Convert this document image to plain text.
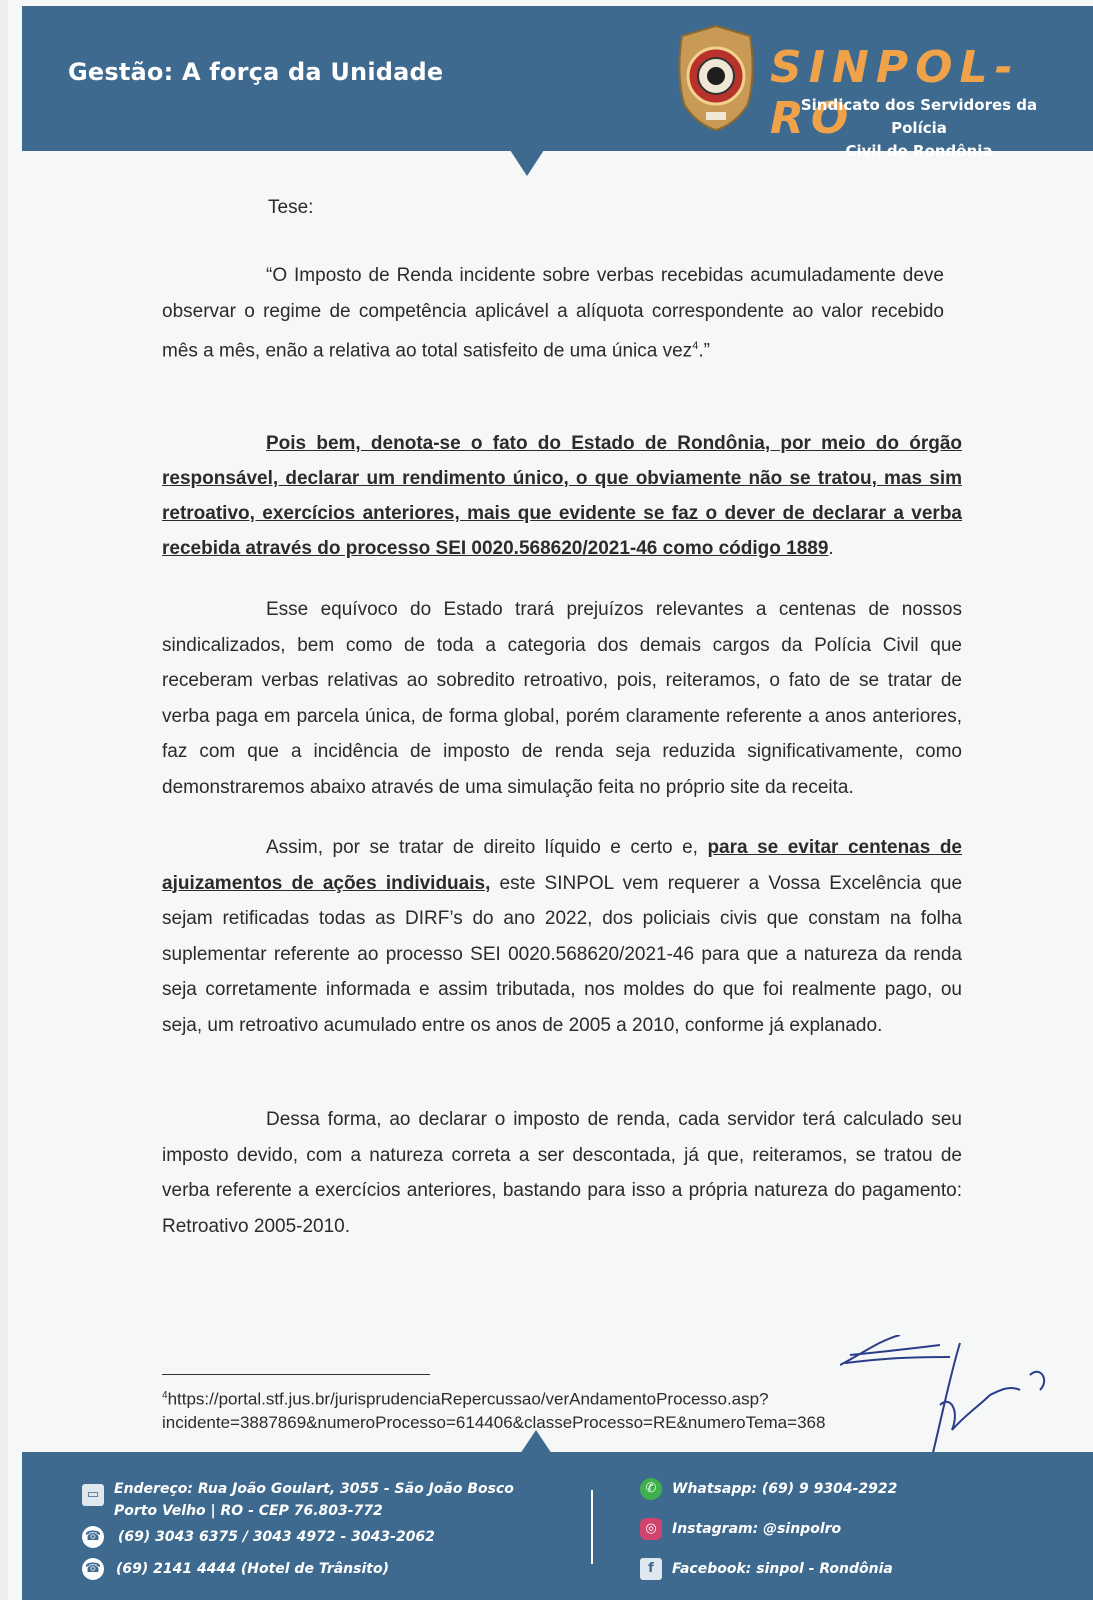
Gestão: A força da Unidade	SINPOL-RO
Sindicato dos Servidores da Polícia
Civil de Rondônia
Tese:
“O Imposto de Renda incidente sobre verbas recebidas acumuladamente deve observar o regime de competência aplicável a alíquota correspondente ao valor recebido mês a mês, enão a relativa ao total satisfeito de uma única vez$^4$.”
Pois bem, denota-se o fato do Estado de Rondônia, por meio do órgão responsável, declarar um rendimento único, o que obviamente não se tratou, mas sim retroativo, exercícios anteriores, mais que evidente se faz o dever de declarar a verba recebida através do processo SEI 0020.568620/2021-46 como código 1889.
Esse equívoco do Estado trará prejuízos relevantes a centenas de nossos sindicalizados, bem como de toda a categoria dos demais cargos da Polícia Civil que receberam verbas relativas ao sobredito retroativo, pois, reiteramos, o fato de se tratar de verba paga em parcela única, de forma global, porém claramente referente a anos anteriores, faz com que a incidência de imposto de renda seja reduzida significativamente, como demonstraremos abaixo através de uma simulação feita no próprio site da receita.
Assim, por se tratar de direito líquido e certo e, para se evitar centenas de ajuizamentos de ações individuais, este SINPOL vem requerer a Vossa Excelência que sejam retificadas todas as DIRF’s do ano 2022, dos policiais civis que constam na folha suplementar referente ao processo SEI 0020.568620/2021-46 para que a natureza da renda seja corretamente informada e assim tributada, nos moldes do que foi realmente pago, ou seja, um retroativo acumulado entre os anos de 2005 a 2010, conforme já explanado.
Dessa forma, ao declarar o imposto de renda, cada servidor terá calculado seu imposto devido, com a natureza correta a ser descontada, já que, reiteramos, se tratou de verba referente a exercícios anteriores, bastando para isso a própria natureza do pagamento: Retroativo 2005-2010.
$^4$https://portal.stf.jus.br/jurisprudenciaRepercussao/verAndamentoProcesso.asp?
incidente=3887869&numeroProcesso=614406&classeProcesso=RE&numeroTema=368
▭	Endereço: Rua João Goulart, 3055 - São João Bosco
Porto Velho | RO - CEP 76.803-772
☎ (69) 3043 6375 / 3043 4972 - 3043-2062
☎ (69) 2141 4444 (Hotel de Trânsito)
✆	Whatsapp: (69) 9 9304-2922
◎	Instagram: @sinpolro
f	Facebook: sinpol - Rondônia
